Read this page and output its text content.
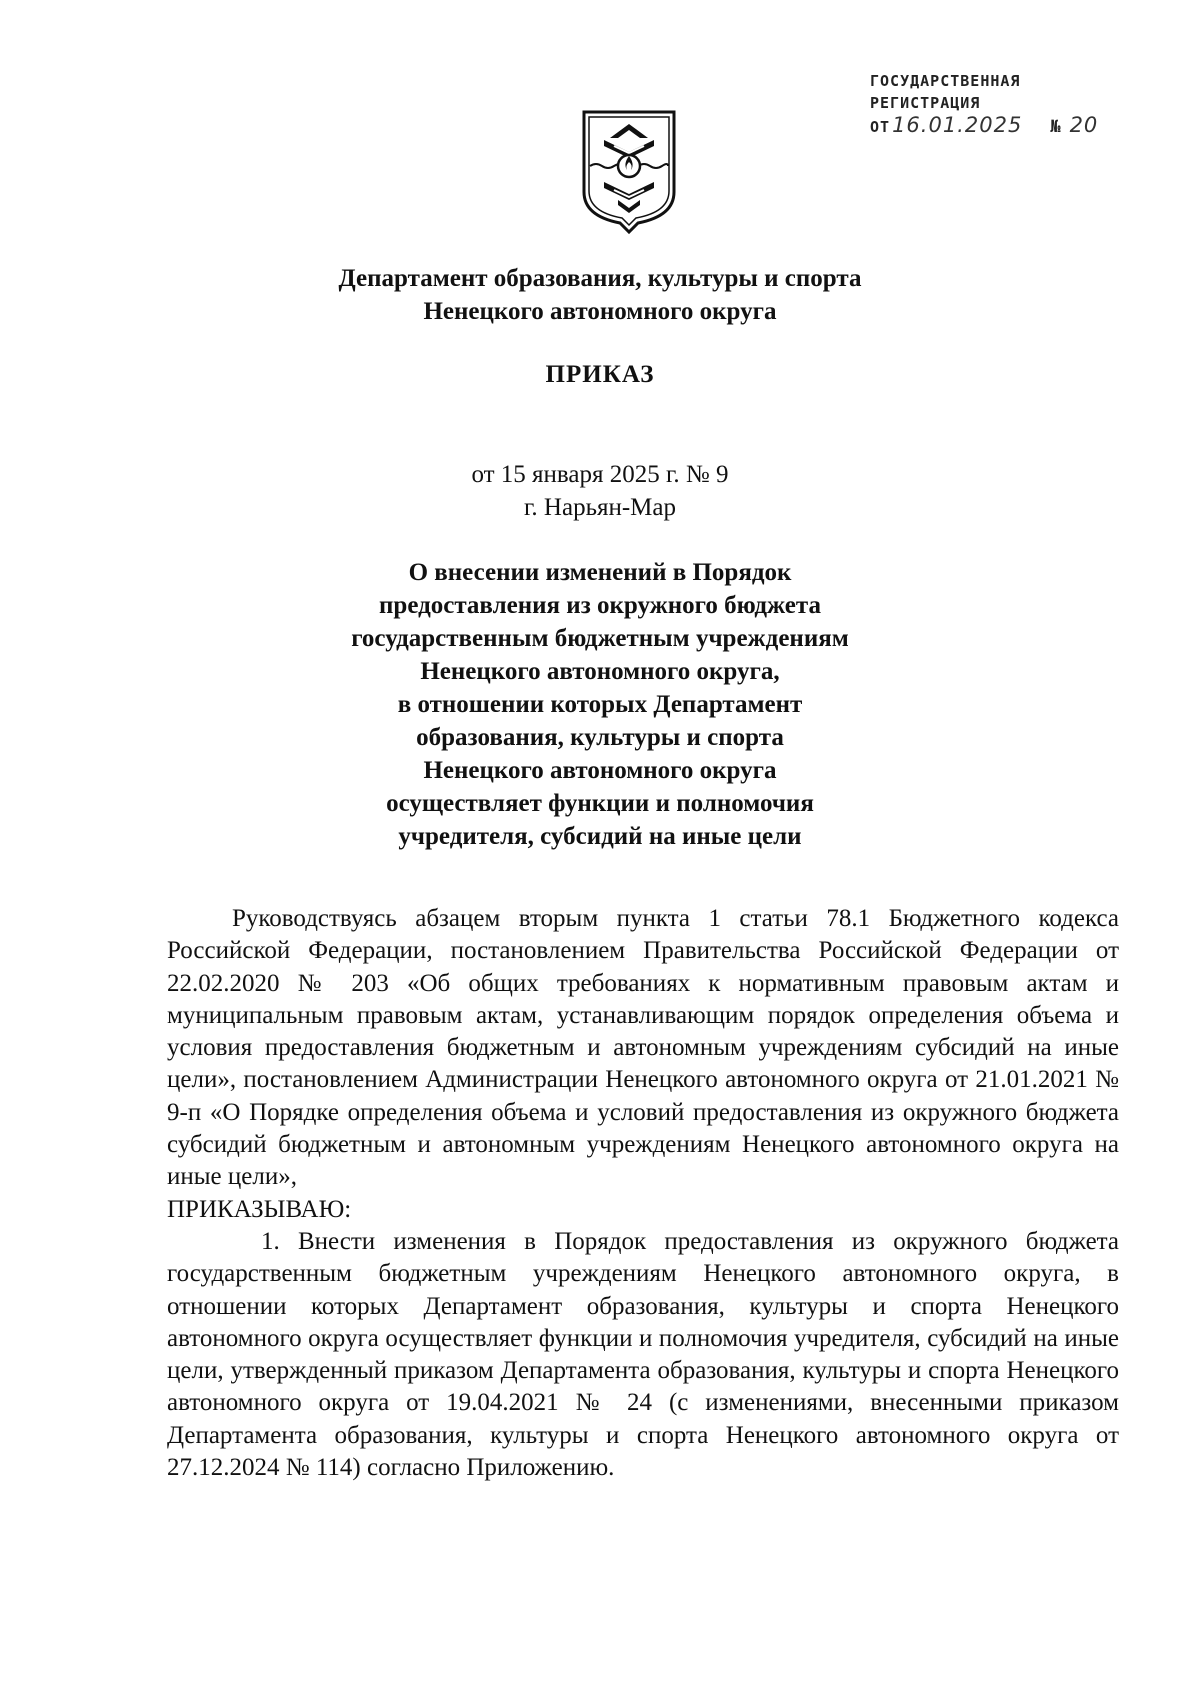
ГОСУДАРСТВЕННАЯ
РЕГИСТРАЦИЯ
ОТ 16.01.2025 № 20
Департамент образования, культуры и спорта
Ненецкого автономного округа
ПРИКАЗ
от 15 января 2025 г. № 9
г. Нарьян-Мар
О внесении изменений в Порядок
предоставления из окружного бюджета
государственным бюджетным учреждениям
Ненецкого автономного округа,
в отношении которых Департамент
образования, культуры и спорта
Ненецкого автономного округа
осуществляет функции и полномочия
учредителя, субсидий на иные цели

Руководствуясь абзацем вторым пункта 1 статьи 78.1 Бюджетного кодекса Российской Федерации, постановлением Правительства Российской Федерации от 22.02.2020 № 203 «Об общих требованиях к нормативным правовым актам и муниципальным правовым актам, устанавливающим порядок определения объема и условия предоставления бюджетным и автономным учреждениям субсидий на иные цели», постановлением Администрации Ненецкого автономного округа от 21.01.2021 № 9-п «О Порядке определения объема и условий предоставления из окружного бюджета субсидий бюджетным и автономным учреждениям Ненецкого автономного округа на иные цели»,

ПРИКАЗЫВАЮ:

1. Внести изменения в Порядок предоставления из окружного бюджета государственным бюджетным учреждениям Ненецкого автономного округа, в отношении которых Департамент образования, культуры и спорта Ненецкого автономного округа осуществляет функции и полномочия учредителя, субсидий на иные цели, утвержденный приказом Департамента образования, культуры и спорта Ненецкого автономного округа от 19.04.2021 № 24 (с изменениями, внесенными приказом Департамента образования, культуры и спорта Ненецкого автономного округа от 27.12.2024 № 114) согласно Приложению.
